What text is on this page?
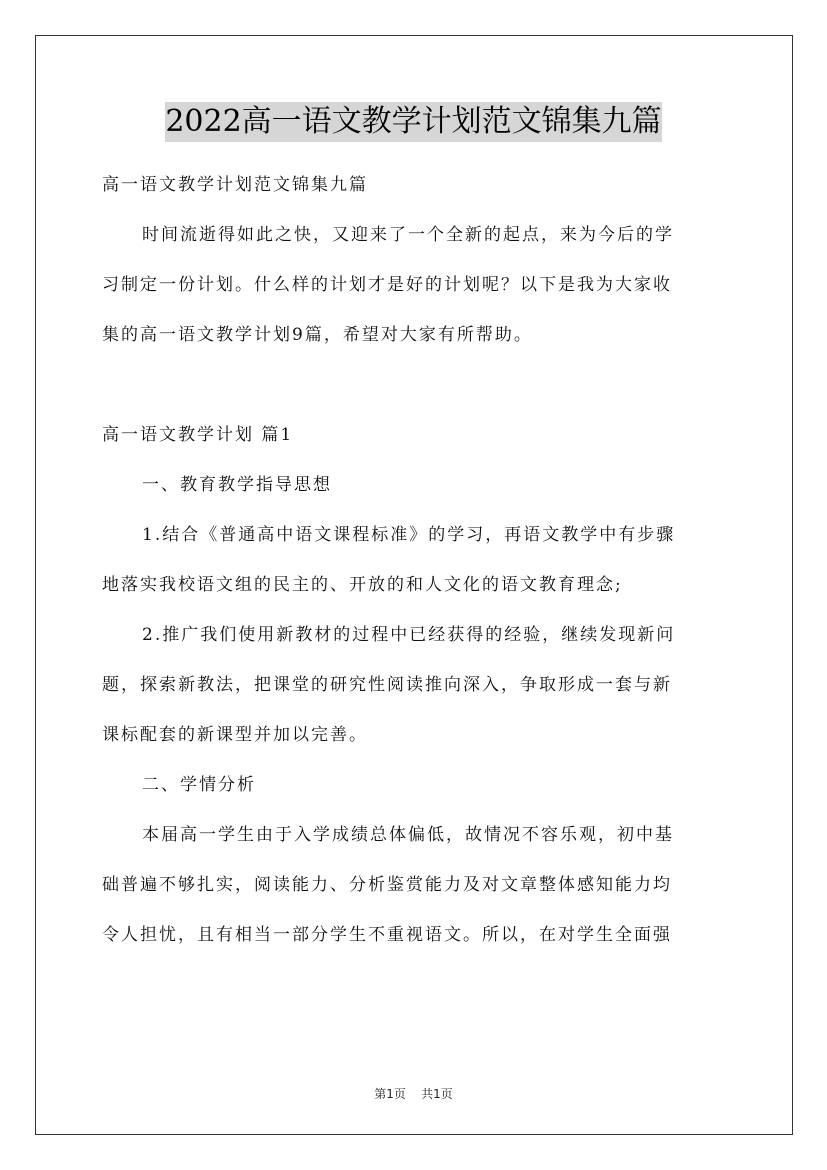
2022高一语文教学计划范文锦集九篇
高一语文教学计划范文锦集九篇
时间流逝得如此之快，又迎来了一个全新的起点，来为今后的学
习制定一份计划。什么样的计划才是好的计划呢？以下是我为大家收
集的高一语文教学计划9篇，希望对大家有所帮助。
高一语文教学计划 篇1
一、教育教学指导思想
1.结合《普通高中语文课程标准》的学习，再语文教学中有步骤
地落实我校语文组的民主的、开放的和人文化的语文教育理念;
2.推广我们使用新教材的过程中已经获得的经验，继续发现新问
题，探索新教法，把课堂的研究性阅读推向深入，争取形成一套与新
课标配套的新课型并加以完善。
二、学情分析
本届高一学生由于入学成绩总体偏低，故情况不容乐观，初中基
础普遍不够扎实，阅读能力、分析鉴赏能力及对文章整体感知能力均
令人担忧，且有相当一部分学生不重视语文。所以，在对学生全面强
第1页 共1页
